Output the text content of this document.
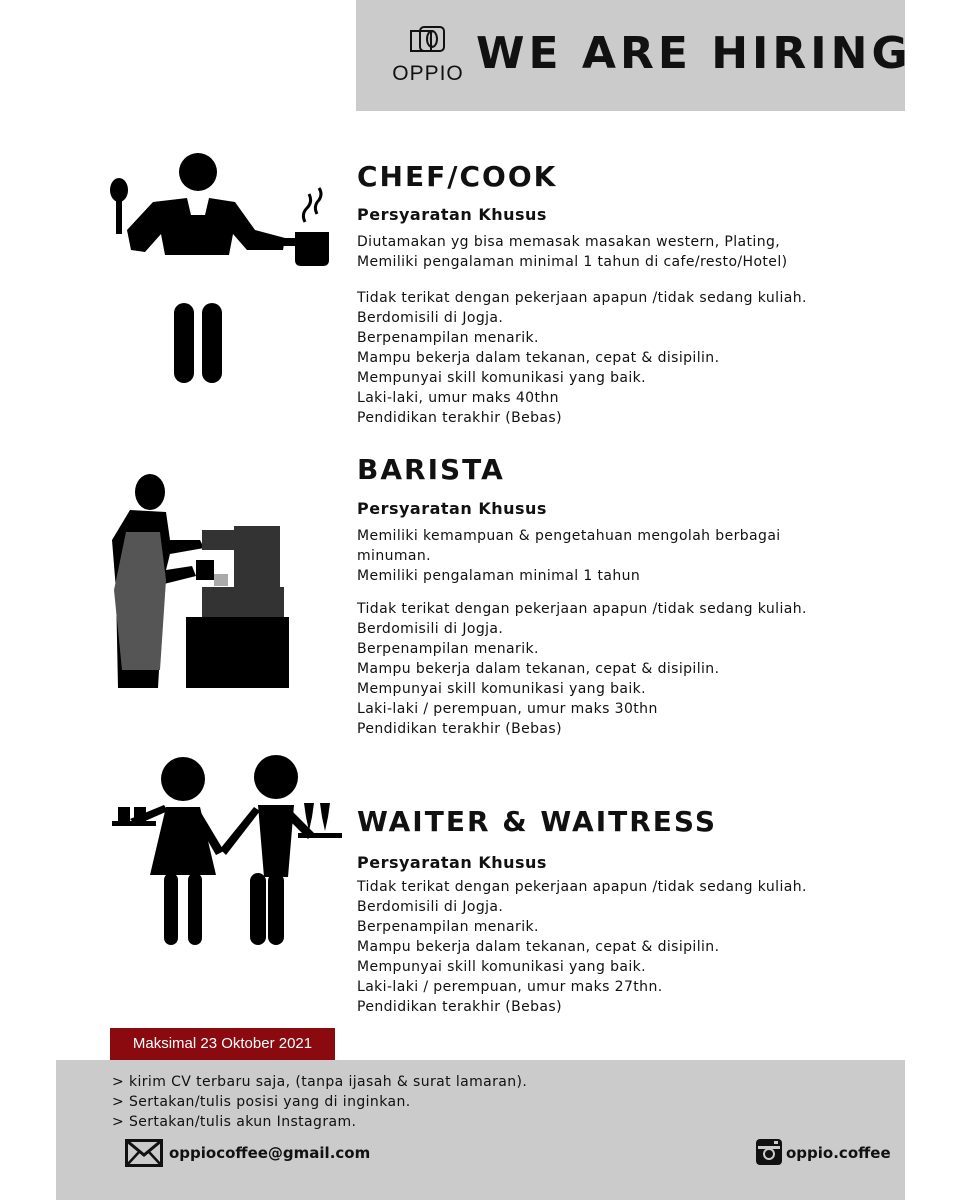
OPPIO WE ARE HIRING
CHEF/COOK
Persyaratan Khusus
Diutamakan yg bisa memasak masakan western, Plating,
Memiliki pengalaman minimal 1 tahun di cafe/resto/Hotel)
Tidak terikat dengan pekerjaan apapun /tidak sedang kuliah.
Berdomisili di Jogja.
Berpenampilan menarik.
Mampu bekerja dalam tekanan, cepat & disipilin.
Mempunyai skill komunikasi yang baik.
Laki-laki, umur maks 40thn
Pendidikan terakhir (Bebas)
BARISTA
Persyaratan Khusus
Memiliki kemampuan & pengetahuan mengolah berbagai
minuman.
Memiliki pengalaman minimal 1 tahun
Tidak terikat dengan pekerjaan apapun /tidak sedang kuliah.
Berdomisili di Jogja.
Berpenampilan menarik.
Mampu bekerja dalam tekanan, cepat & disipilin.
Mempunyai skill komunikasi yang baik.
Laki-laki / perempuan, umur maks 30thn
Pendidikan terakhir (Bebas)
WAITER & WAITRESS
Persyaratan Khusus
Tidak terikat dengan pekerjaan apapun /tidak sedang kuliah.
Berdomisili di Jogja.
Berpenampilan menarik.
Mampu bekerja dalam tekanan, cepat & disipilin.
Mempunyai skill komunikasi yang baik.
Laki-laki / perempuan, umur maks 27thn.
Pendidikan terakhir (Bebas)
Maksimal 23 Oktober 2021
> kirim CV terbaru saja, (tanpa ijasah & surat lamaran).
> Sertakan/tulis posisi yang di inginkan.
> Sertakan/tulis akun Instagram.
oppiocoffee@gmail.com	oppio.coffee
